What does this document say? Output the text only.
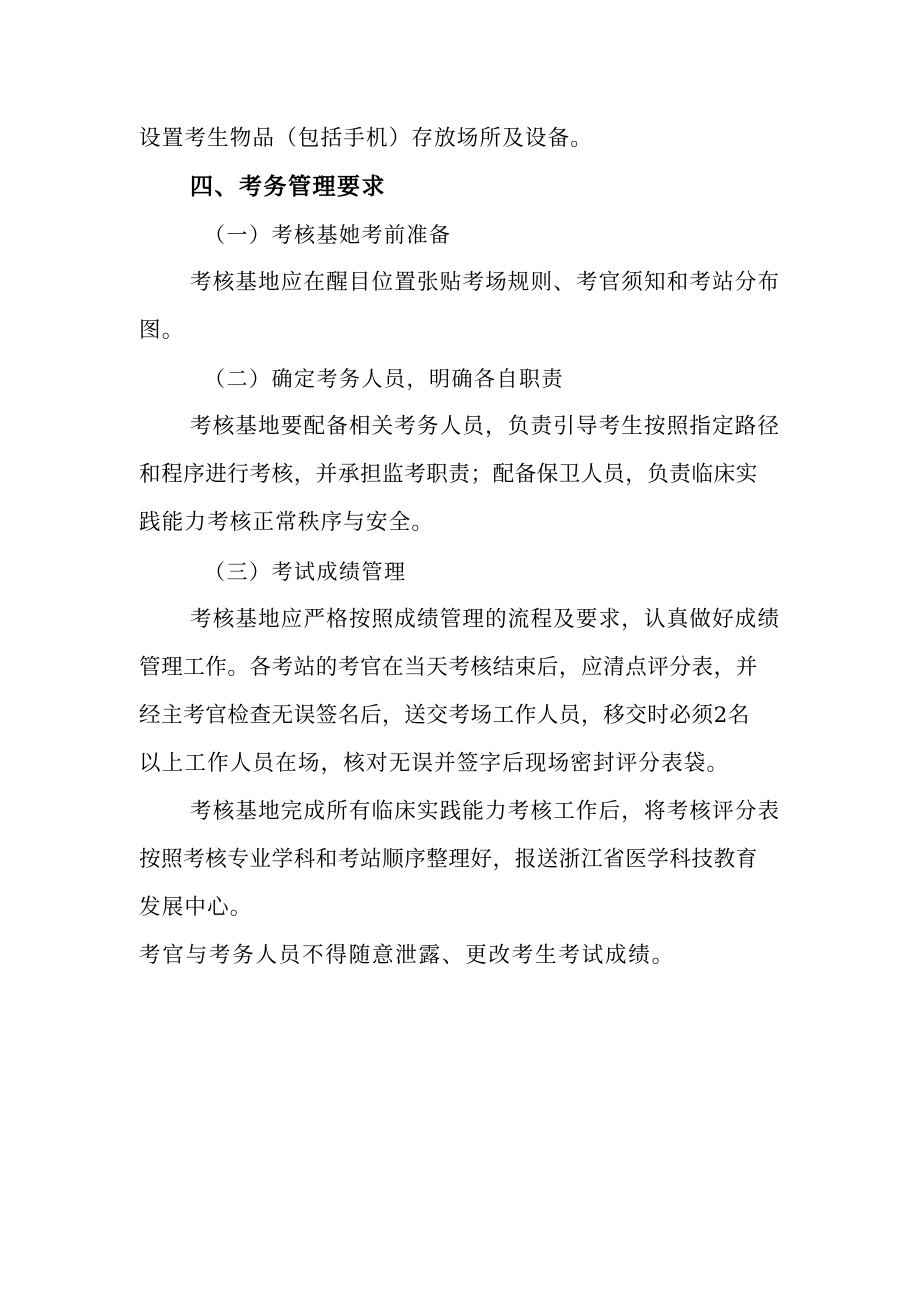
设置考生物品（包括手机）存放场所及设备。
四、考务管理要求
（一）考核基她考前准备
考核基地应在醒目位置张贴考场规则、考官须知和考站分布
图。
（二）确定考务人员，明确各自职责
考核基地要配备相关考务人员，负责引导考生按照指定路径
和程序进行考核，并承担监考职责；配备保卫人员，负责临床实
践能力考核正常秩序与安全。
（三）考试成绩管理
考核基地应严格按照成绩管理的流程及要求，认真做好成绩
管理工作。各考站的考官在当天考核结束后，应清点评分表，并
经主考官检查无误签名后，送交考场工作人员，移交时必须2名
以上工作人员在场，核对无误并签字后现场密封评分表袋。
考核基地完成所有临床实践能力考核工作后，将考核评分表
按照考核专业学科和考站顺序整理好，报送浙江省医学科技教育
发展中心。
考官与考务人员不得随意泄露、更改考生考试成绩。
